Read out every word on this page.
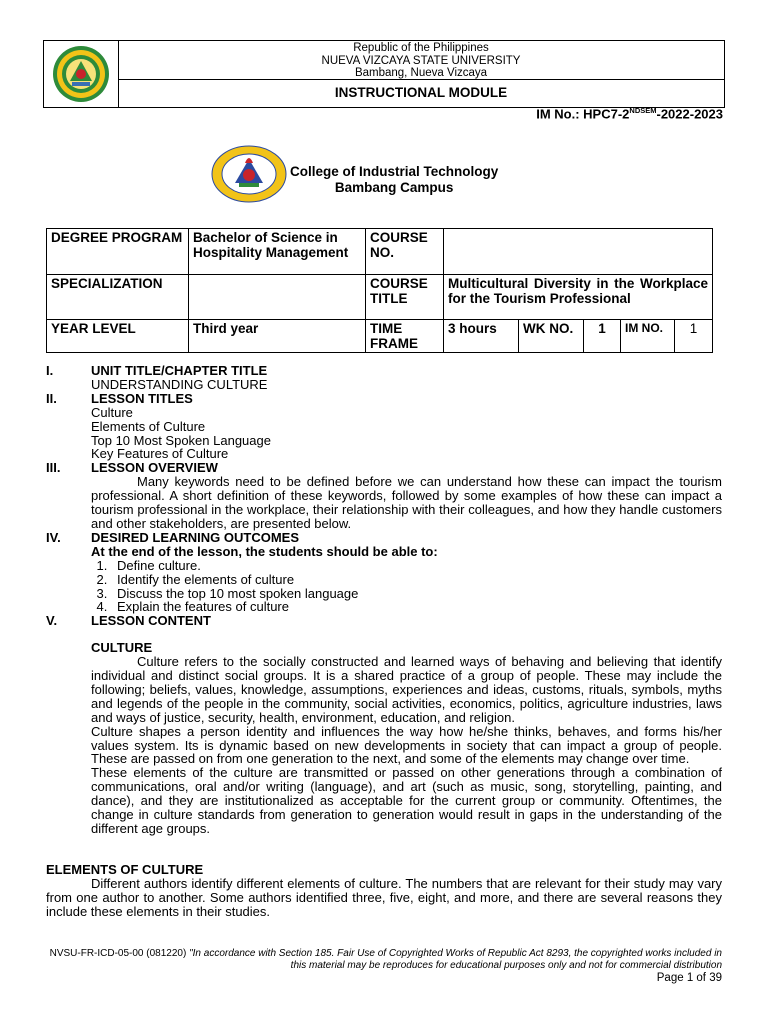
Republic of the Philippines
NUEVA VIZCAYA STATE UNIVERSITY
Bambang, Nueva Vizcaya
INSTRUCTIONAL MODULE
IM No.: $HPC7-2^{NDSEM}-2022-2023$
College of Industrial Technology
Bambang Campus
DEGREE PROGRAM	Bachelor of Science in Hospitality Management	COURSE NO.					
SPECIALIZATION		COURSE TITLE	Multicultural Diversity in the Workplace for the Tourism Professional				
YEAR LEVEL	Third year	TIME FRAME	3 hours	WK NO.	1	IM NO.	1
I.	UNIT TITLE/CHAPTER TITLE
UNDERSTANDING CULTURE
II.	LESSON TITLES
Culture
Elements of Culture
Top 10 Most Spoken Language
Key Features of Culture
III. LESSON OVERVIEW
Many keywords need to be defined before we can understand how these can impact the tourism professional. A short definition of these keywords, followed by some examples of how these can impact a tourism professional in the workplace, their relationship with their colleagues, and how they handle customers and other stakeholders, are presented below.
IV. DESIRED LEARNING OUTCOMES
At the end of the lesson, the students should be able to:
1. Define culture.
2. Identify the elements of culture
3. Discuss the top 10 most spoken language
4. Explain the features of culture
V.	LESSON CONTENT
CULTURE
Culture refers to the socially constructed and learned ways of behaving and believing that identify individual and distinct social groups. It is a shared practice of a group of people. These may include the following; beliefs, values, knowledge, assumptions, experiences and ideas, customs, rituals, symbols, myths and legends of the people in the community, social activities, economics, politics, agriculture industries, laws and ways of justice, security, health, environment, education, and religion.
Culture shapes a person identity and influences the way how he/she thinks, behaves, and forms his/her values system. Its is dynamic based on new developments in society that can impact a group of people. These are passed on from one generation to the next, and some of the elements may change over time.
These elements of the culture are transmitted or passed on other generations through a combination of communications, oral and/or writing (language), and art (such as music, song, storytelling, painting, and dance), and they are institutionalized as acceptable for the current group or community. Oftentimes, the change in culture standards from generation to generation would result in gaps in the understanding of the different age groups.
ELEMENTS OF CULTURE
Different authors identify different elements of culture. The numbers that are relevant for their study may vary from one author to another. Some authors identified three, five, eight, and more, and there are several reasons they include these elements in their studies.
NVSU-FR-ICD-05-00 (081220) "In accordance with Section 185. Fair Use of Copyrighted Works of Republic Act 8293, the copyrighted works included in this material may be reproduces for educational purposes only and not for commercial distribution
Page 1 of 39
